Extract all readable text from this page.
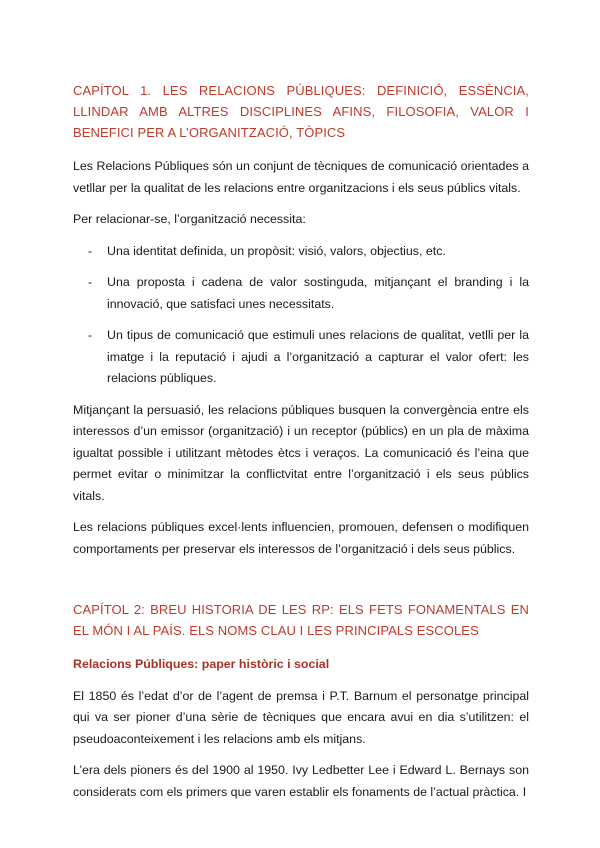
CAPÍTOL 1. LES RELACIONS PÚBLIQUES: DEFINICIÓ, ESSÈNCIA, LLINDAR AMB ALTRES DISCIPLINES AFINS, FILOSOFIA, VALOR I BENEFICI PER A L’ORGANITZACIÓ, TÒPICS

Les Relacions Públiques són un conjunt de tècniques de comunicació orientades a vetllar per la qualitat de les relacions entre organitzacions i els seus públics vitals.

Per relacionar-se, l’organització necessita:

- Una identitat definida, un propòsit: visió, valors, objectius, etc.
- Una proposta i cadena de valor sostinguda, mitjançant el branding i la innovació, que satisfaci unes necessitats.
- Un tipus de comunicació que estimuli unes relacions de qualitat, vetlli per la imatge i la reputació i ajudi a l’organització a capturar el valor ofert: les relacions públiques.

Mitjançant la persuasió, les relacions públiques busquen la convergència entre els interessos d’un emissor (organització) i un receptor (públics) en un pla de màxima igualtat possible i utilitzant mètodes ètcs i veraços. La comunicació és l’eina que permet evitar o minimitzar la conflictvitat entre l’organització i els seus públics vitals.

Les relacions públiques excel·lents influencien, promouen, defensen o modifiquen comportaments per preservar els interessos de l’organització i dels seus públics.

CAPÍTOL 2: BREU HISTORIA DE LES RP: ELS FETS FONAMENTALS EN EL MÓN I AL PAÍS. ELS NOMS CLAU I LES PRINCIPALS ESCOLES
Relacions Públiques: paper històric i social

El 1850 és l’edat d’or de l’agent de premsa i P.T. Barnum el personatge principal qui va ser pioner d’una sèrie de tècniques que encara avui en dia s’utilitzen: el pseudoaconteixement i les relacions amb els mitjans.

L’era dels pioners és del 1900 al 1950. Ivy Ledbetter Lee i Edward L. Bernays son considerats com els primers que varen establir els fonaments de l’actual pràctica. I
